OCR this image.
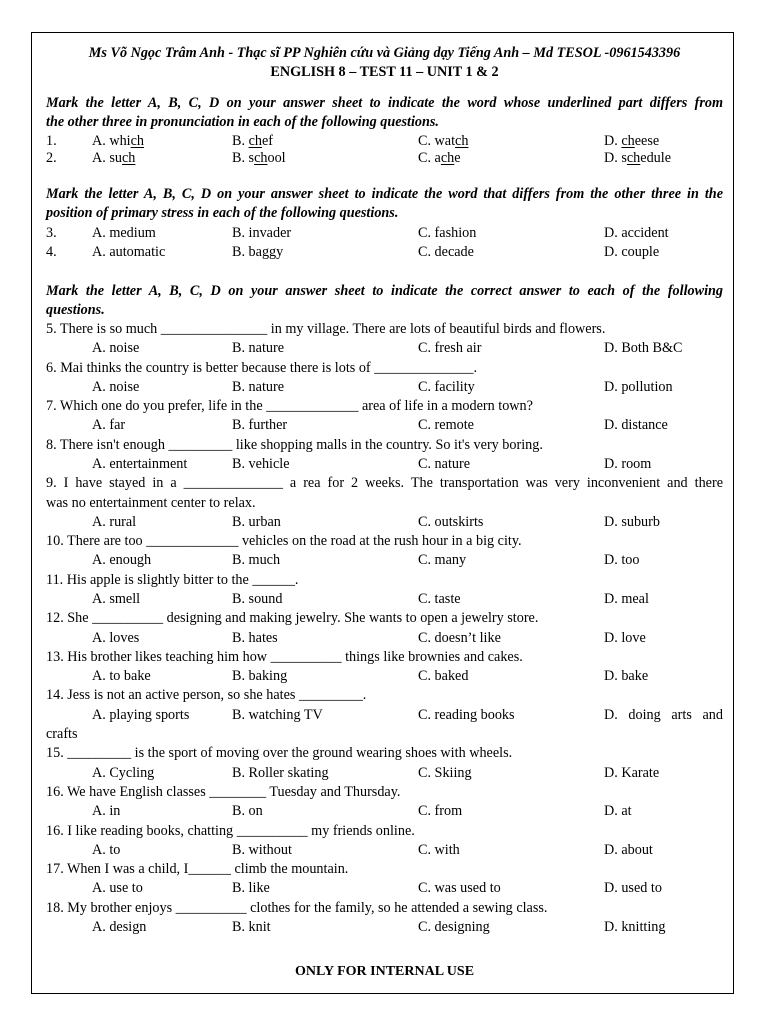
Ms Võ Ngọc Trâm Anh - Thạc sĩ PP Nghiên cứu và Giảng dạy Tiếng Anh – Md TESOL -0961543396
ENGLISH 8 – TEST 11 – UNIT 1 & 2
Mark the letter A, B, C, D on your answer sheet to indicate the word whose underlined part differs from
the other three in pronunciation in each of the following questions.
1. A. which	B. chef	C. watch	D. cheese
2. A. such	B. school	C. ache	D. schedule
Mark the letter A, B, C, D on your answer sheet to indicate the word that differs from the other three in the
position of primary stress in each of the following questions.
3. A. medium	B. invader	C. fashion	D. accident
4. A. automatic	B. baggy	C. decade	D. couple
Mark the letter A, B, C, D on your answer sheet to indicate the correct answer to each of the following
questions.
5. There is so much _______________ in my village. There are lots of beautiful birds and flowers.
A. noise	B. nature	C. fresh air	D. Both B&C
6. Mai thinks the country is better because there is lots of ______________.
A. noise	B. nature	C. facility	D. pollution
7. Which one do you prefer, life in the _____________ area of life in a modern town?
A. far	B. further	C. remote	D. distance
8. There isn't enough _________ like shopping malls in the country. So it's very boring.
A. entertainment	B. vehicle	C. nature	D. room
9. I have stayed in a ______________ a rea for 2 weeks. The transportation was very inconvenient and there
was no entertainment center to relax.
A. rural	B. urban	C. outskirts	D. suburb
10. There are too _____________ vehicles on the road at the rush hour in a big city.
A. enough	B. much	C. many	D. too
11. His apple is slightly bitter to the ______.
A. smell	B. sound	C. taste	D. meal
12. She __________ designing and making jewelry. She wants to open a jewelry store.
A. loves	B. hates	C. doesn’t like	D. love
13. His brother likes teaching him how __________ things like brownies and cakes.
A. to bake	B. baking	C. baked	D. bake
14. Jess is not an active person, so she hates _________.
A. playing sports	B. watching TV	C. reading books	D. doing arts and
crafts
15. _________ is the sport of moving over the ground wearing shoes with wheels.
A. Cycling	B. Roller skating	C. Skiing	D. Karate
16. We have English classes ________ Tuesday and Thursday.
A. in	B. on	C. from	D. at
16. I like reading books, chatting __________ my friends online.
A. to	B. without	C. with	D. about
17. When I was a child, I______ climb the mountain.
A. use to	B. like	C. was used to	D. used to
18. My brother enjoys __________ clothes for the family, so he attended a sewing class.
A. design	B. knit	C. designing	D. knitting
ONLY FOR INTERNAL USE
